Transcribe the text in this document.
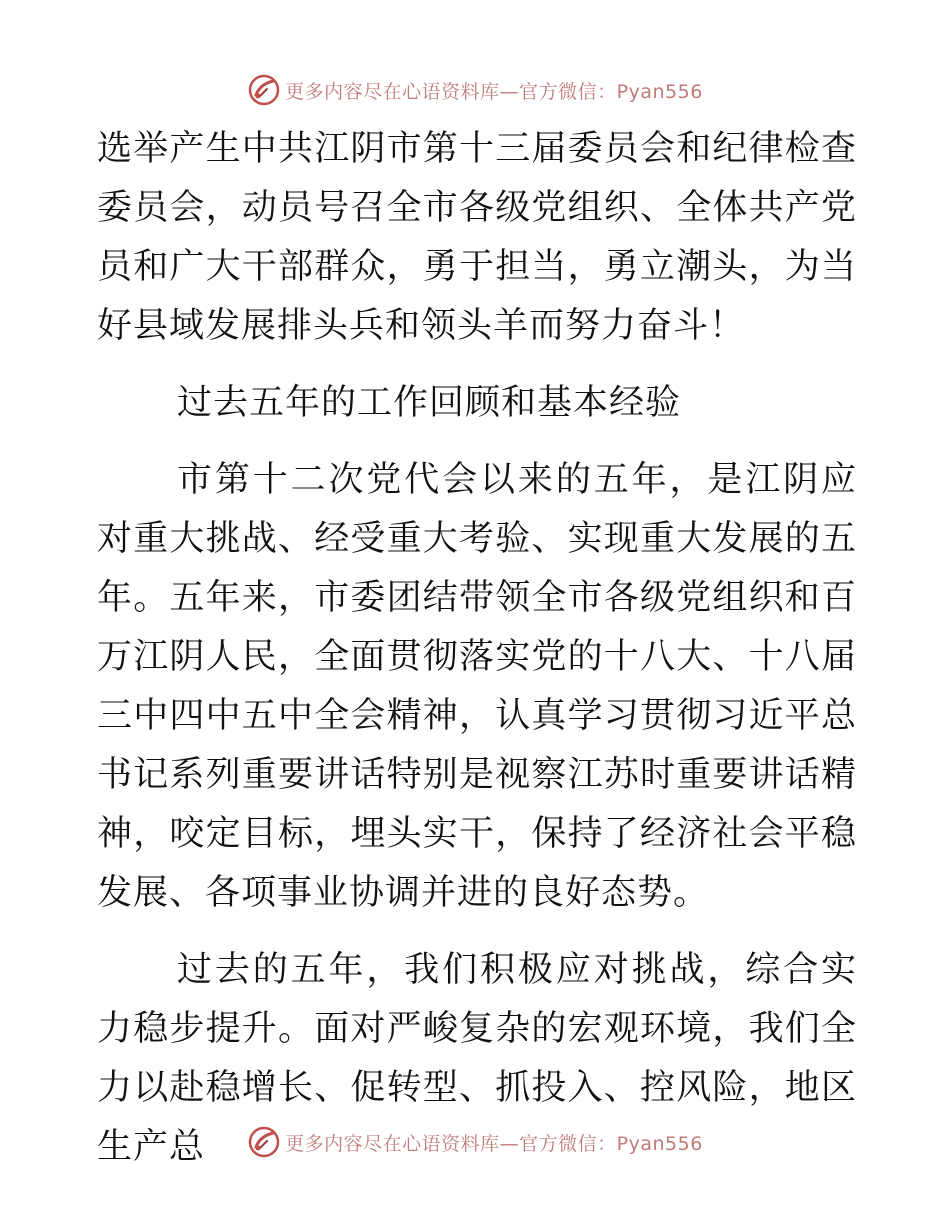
更多内容尽在心语资料库—官方微信：Pyan556

选举产生中共江阴市第十三届委员会和纪律检查委员会，动员号召全市各级党组织、全体共产党员和广大干部群众，勇于担当，勇立潮头，为当好县域发展排头兵和领头羊而努力奋斗！

过去五年的工作回顾和基本经验

市第十二次党代会以来的五年，是江阴应对重大挑战、经受重大考验、实现重大发展的五年。五年来，市委团结带领全市各级党组织和百万江阴人民，全面贯彻落实党的十八大、十八届三中四中五中全会精神，认真学习贯彻习近平总书记系列重要讲话特别是视察江苏时重要讲话精神，咬定目标，埋头实干，保持了经济社会平稳发展、各项事业协调并进的良好态势。

过去的五年，我们积极应对挑战，综合实力稳步提升。面对严峻复杂的宏观环境，我们全力以赴稳增长、促转型、抓投入、控风险，地区生产总	更多内容尽在心语资料库—官方微信：Pyan556
